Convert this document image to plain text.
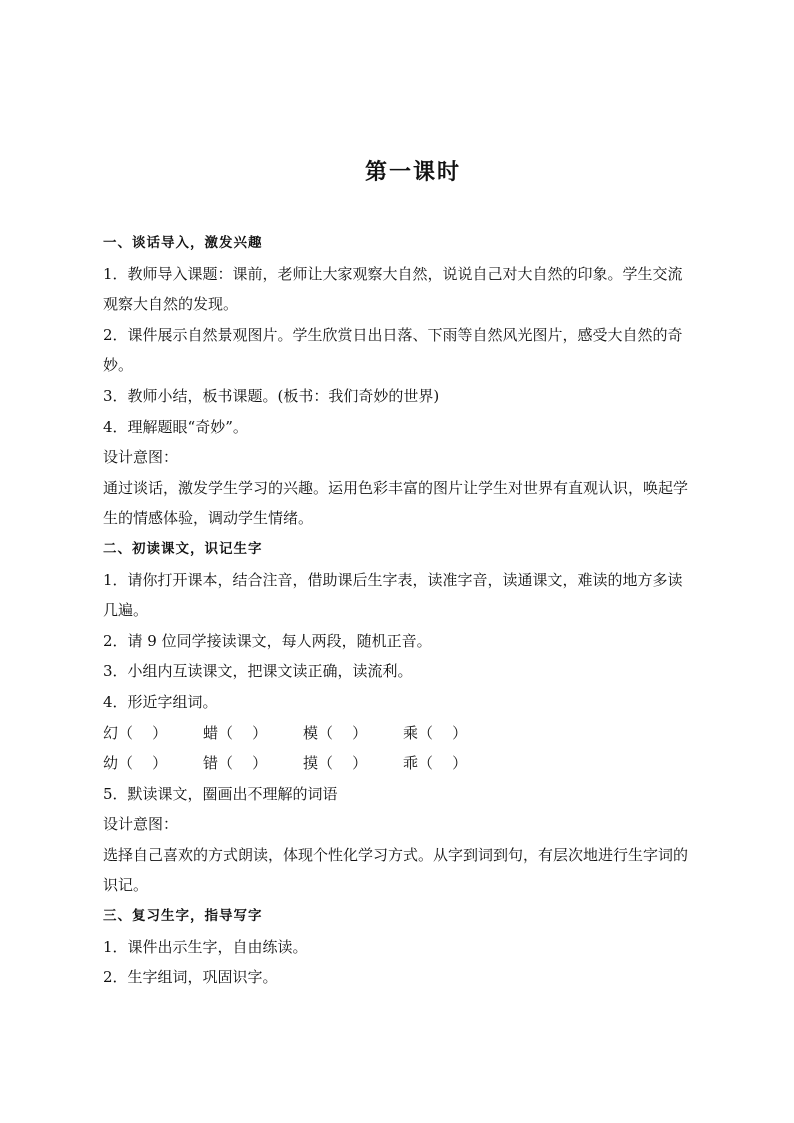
第一课时
一、谈话导入，激发兴趣
1．教师导入课题：课前，老师让大家观察大自然，说说自己对大自然的印象。学生交流
观察大自然的发现。
2．课件展示自然景观图片。学生欣赏日出日落、下雨等自然风光图片，感受大自然的奇
妙。
3．教师小结，板书课题。(板书：我们奇妙的世界)
4．理解题眼“奇妙”。
设计意图：
通过谈话，激发学生学习的兴趣。运用色彩丰富的图片让学生对世界有直观认识，唤起学
生的情感体验，调动学生情绪。
二、初读课文，识记生字
1．请你打开课本，结合注音，借助课后生字表，读准字音，读通课文，难读的地方多读
几遍。
2．请 9 位同学接读课文，每人两段，随机正音。
3．小组内互读课文，把课文读正确，读流利。
4．形近字组词。
幻（    ）	蜡（    ）	模（    ）	乘（    ）
幼（    ）	错（    ）	摸（    ）	乖（    ）
5．默读课文，圈画出不理解的词语
设计意图：
选择自己喜欢的方式朗读，体现个性化学习方式。从字到词到句，有层次地进行生字词的
识记。
三、复习生字，指导写字
1．课件出示生字，自由练读。
2．生字组词，巩固识字。
